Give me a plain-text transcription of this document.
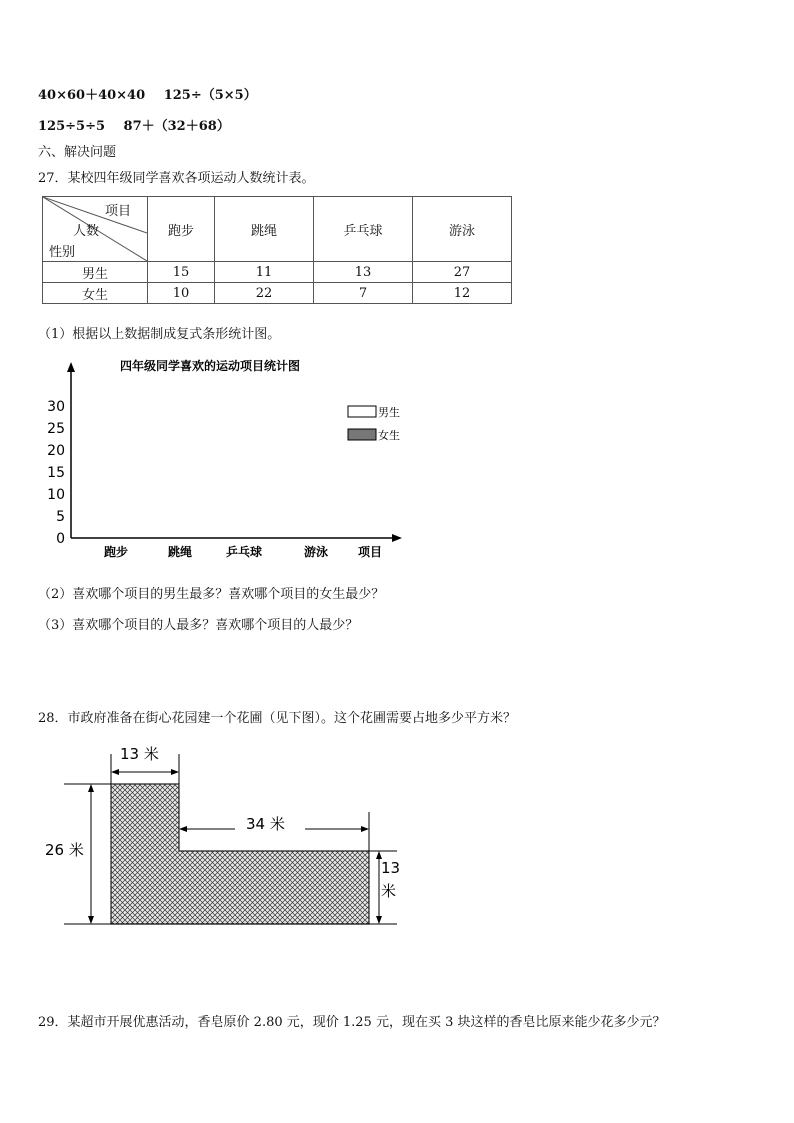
40×60＋40×40 125÷（5×5）
125÷5÷5 87＋（32＋68）
六、解决问题
27．某校四年级同学喜欢各项运动人数统计表。
项目
人数
性别	跑步	跳绳	乒乓球	游泳
男生	15	11	13	27
女生	10	22	7	12
（1）根据以上数据制成复式条形统计图。
四年级同学喜欢的运动项目统计图
0
5
10
15
20
25
30
跑步	跳绳	乒乓球	游泳 项目
男生
女生
（2）喜欢哪个项目的男生最多？喜欢哪个项目的女生最少？
（3）喜欢哪个项目的人最多？喜欢哪个项目的人最少？
28．市政府准备在街心花园建一个花圃（见下图）。这个花圃需要占地多少平方米？
13 米
26 米
34 米
13 米
29．某超市开展优惠活动，香皂原价 2.80 元，现价 1.25 元，现在买 3 块这样的香皂比原来能少花多少元？
